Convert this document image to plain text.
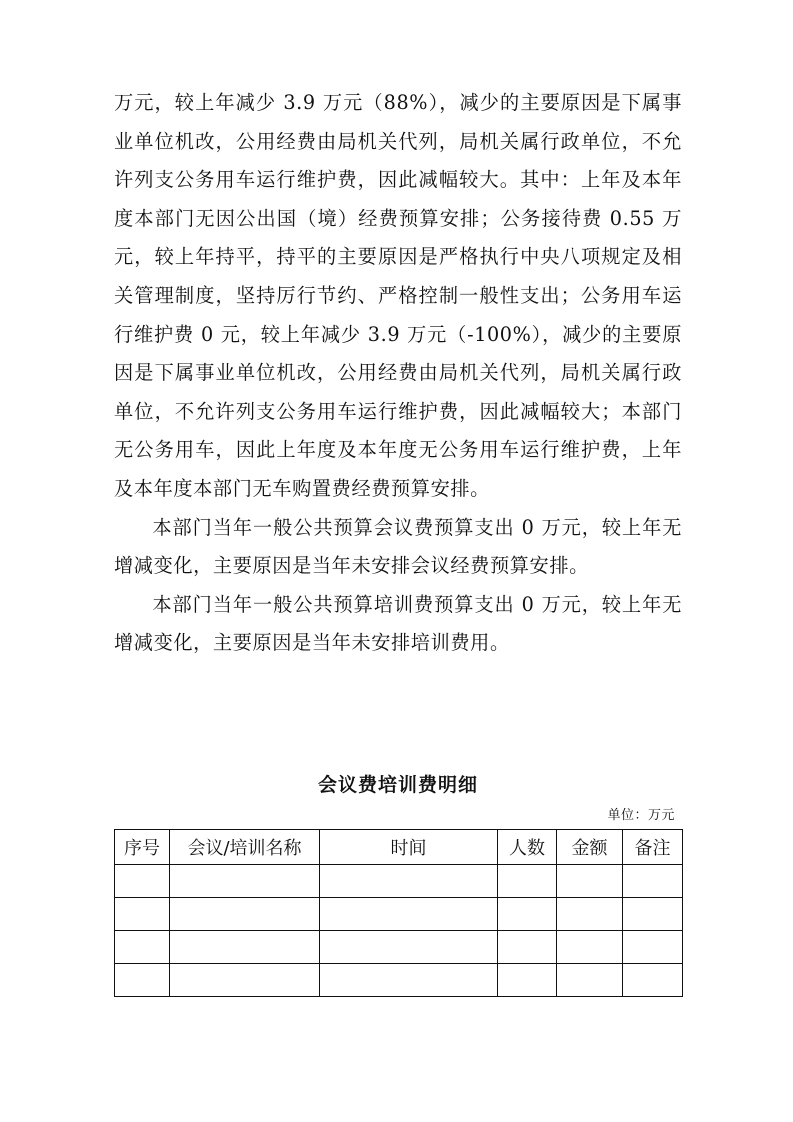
万元，较上年减少 3.9 万元（88%），减少的主要原因是下属事业单位机改，公用经费由局机关代列，局机关属行政单位，不允许列支公务用车运行维护费，因此减幅较大。其中：上年及本年度本部门无因公出国（境）经费预算安排；公务接待费 0.55 万元，较上年持平，持平的主要原因是严格执行中央八项规定及相关管理制度，坚持厉行节约、严格控制一般性支出；公务用车运行维护费 0 元，较上年减少 3.9 万元（-100%），减少的主要原因是下属事业单位机改，公用经费由局机关代列，局机关属行政单位，不允许列支公务用车运行维护费，因此减幅较大；本部门无公务用车，因此上年度及本年度无公务用车运行维护费，上年及本年度本部门无车购置费经费预算安排。

本部门当年一般公共预算会议费预算支出 0 万元，较上年无增减变化，主要原因是当年未安排会议经费预算安排。

本部门当年一般公共预算培训费预算支出 0 万元，较上年无增减变化，主要原因是当年未安排培训费用。

会议费培训费明细
单位：万元
序号	会议/培训名称	时间	人数	金额	备注
